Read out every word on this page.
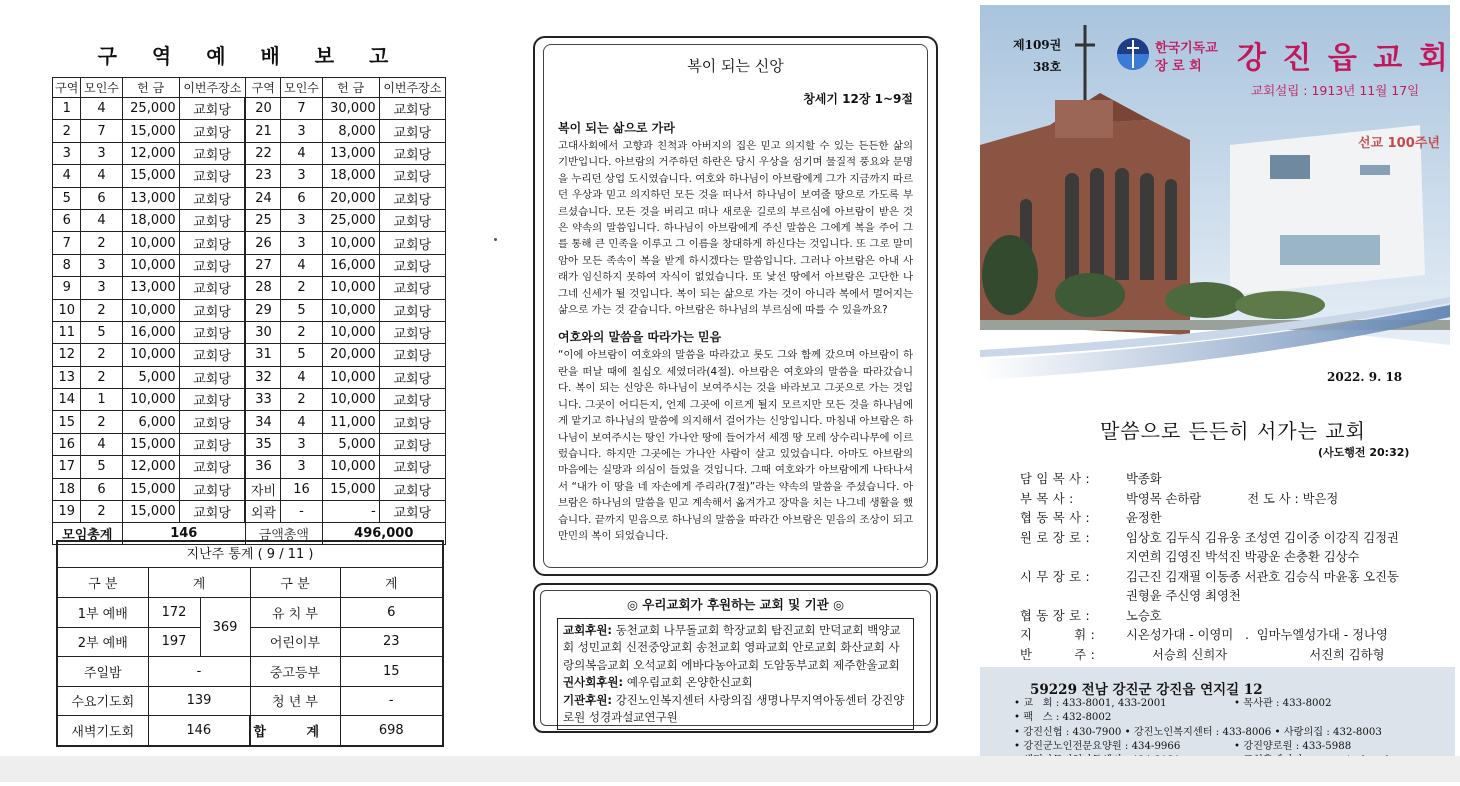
구 역 예 배 보 고
구역	모인수	헌 금	이번주장소	구역	모인수	헌 금	이번주장소
1	4	25,000	교회당	20	7	30,000	교회당
2	7	15,000	교회당	21	3	8,000	교회당
3	3	12,000	교회당	22	4	13,000	교회당
4	4	15,000	교회당	23	3	18,000	교회당
5	6	13,000	교회당	24	6	20,000	교회당
6	4	18,000	교회당	25	3	25,000	교회당
7	2	10,000	교회당	26	3	10,000	교회당
8	3	10,000	교회당	27	4	16,000	교회당
9	3	13,000	교회당	28	2	10,000	교회당
10	2	10,000	교회당	29	5	10,000	교회당
11	5	16,000	교회당	30	2	10,000	교회당
12	2	10,000	교회당	31	5	20,000	교회당
13	2	5,000	교회당	32	4	10,000	교회당
14	1	10,000	교회당	33	2	10,000	교회당
15	2	6,000	교회당	34	4	11,000	교회당
16	4	15,000	교회당	35	3	5,000	교회당
17	5	12,000	교회당	36	3	10,000	교회당
18	6	15,000	교회당	자비	16	15,000	교회당
19	2	15,000	교회당	외곽	-	-	교회당
모임총계		146		금액총액		496,000	
지난주 통계 ( 9 / 11 )
구 분	계		구 분	계
1부 예배	172	369	유 치 부	6
2부 예배	197		어린이부	23
주일밤	-		중고등부	15
수요기도회	139		청 년 부	-
새벽기도회	146		합 계	698
복이 되는 신앙
창세기 12장 1~9절
복이 되는 삶으로 가라
고대사회에서 고향과 친척과 아버지의 집은 믿고 의지할 수 있는 든든한 삶의 기반입니다. 아브람의 거주하던 하란은 당시 우상을 섬기며 물질적 풍요와 문명을 누리던 상업 도시였습니다. 여호와 하나님이 아브람에게 그가 지금까지 따르던 우상과 믿고 의지하던 모든 것을 떠나서 하나님이 보여줄 땅으로 가도록 부르셨습니다. 모든 것을 버리고 떠나 새로운 길로의 부르심에 아브람이 받은 것은 약속의 말씀입니다. 하나님이 아브람에게 주신 말씀은 그에게 복을 주어 그를 통해 큰 민족을 이루고 그 이름을 창대하게 하신다는 것입니다. 또 그로 말미암아 모든 족속이 복을 받게 하시겠다는 말씀입니다. 그러나 아브람은 아내 사래가 임신하지 못하여 자식이 없었습니다. 또 낯선 땅에서 아브람은 고단한 나그네 신세가 될 것입니다. 복이 되는 삶으로 가는 것이 아니라 복에서 멀어지는 삶으로 가는 것 같습니다. 아브람은 하나님의 부르심에 따를 수 있을까요?
여호와의 말씀을 따라가는 믿음
“이에 아브람이 여호와의 말씀을 따라갔고 롯도 그와 함께 갔으며 아브람이 하란을 떠날 때에 칠십오 세였더라(4절). 아브람은 여호와의 말씀을 따라갔습니다. 복이 되는 신앙은 하나님이 보여주시는 것을 바라보고 그곳으로 가는 것입니다. 그곳이 어디든지, 언제 그곳에 이르게 될지 모르지만 모든 것을 하나님에게 맡기고 하나님의 말씀에 의지해서 걸어가는 신앙입니다. 마침내 아브람은 하나님이 보여주시는 땅인 가나안 땅에 들어가서 세겜 땅 모레 상수리나무에 이르렀습니다. 하지만 그곳에는 가나안 사람이 살고 있었습니다. 아마도 아브람의 마음에는 실망과 의심이 들었을 것입니다. 그때 여호와가 아브람에게 나타나셔서 “내가 이 땅을 네 자손에게 주리라(7절)”라는 약속의 말씀을 주셨습니다. 아브람은 하나님의 말씀을 믿고 계속해서 옮겨가고 장막을 치는 나그네 생활을 했습니다. 끝까지 믿음으로 하나님의 말씀을 따라간 아브람은 믿음의 조상이 되고 만민의 복이 되었습니다.
◎ 우리교회가 후원하는 교회 및 기관 ◎
교회후원: 동천교회 나무돌교회 학장교회 탐진교회 만덕교회 백양교회 성민교회 신전중앙교회 송천교회 영파교회 안로교회 화산교회 사랑의복음교회 오석교회 에바다농아교회 도암동부교회 제주한울교회 권사회후원: 예우림교회 온양한신교회
기관후원: 강진노인복지센터 사랑의집 생명나무지역아동센터 강진양로원 성경과설교연구원
선교 100주년
제109권
38호
한국기독교
장 로 회 강 진 읍 교 회
교회설립 : 1913년 11월 17일
2022. 9. 18
말씀으로 든든히 서가는 교회
(사도행전 20:32)
담 임 목 사 :	박종화
부 목 사 :	박영목 손하람	전 도 사 : 박은정
협 동 목 사 :	윤정한
원 로 장 로 :	임상호 김두식 김유웅 조성연 김이중 이강직 김정권
지연희 김영진 박석진 박광운 손충환 김상수
시 무 장 로 :	김근진 김재필 이동종 서관호 김승식 마윤홍 오진동
권형윤 주신영 최영천
협 동 장 로 :	노승호
지          휘 :	시온성가대 - 이영미   .  임마누엘성가대 - 정나영
반          주 :	서승희 신희자                     서진희 김하형
59229 전남 강진군 강진읍 연지길 12
• 교   회 : 433-8001, 433-2001	• 목사관 : 433-8002
• 팩   스 : 432-8002
• 강진신협 : 430-7900 • 강진노인복지센터 : 433-8006 • 사랑의집 : 432-8003
• 강진군노인전문요양원 : 434-9966	• 강진양로원 : 433-5988
